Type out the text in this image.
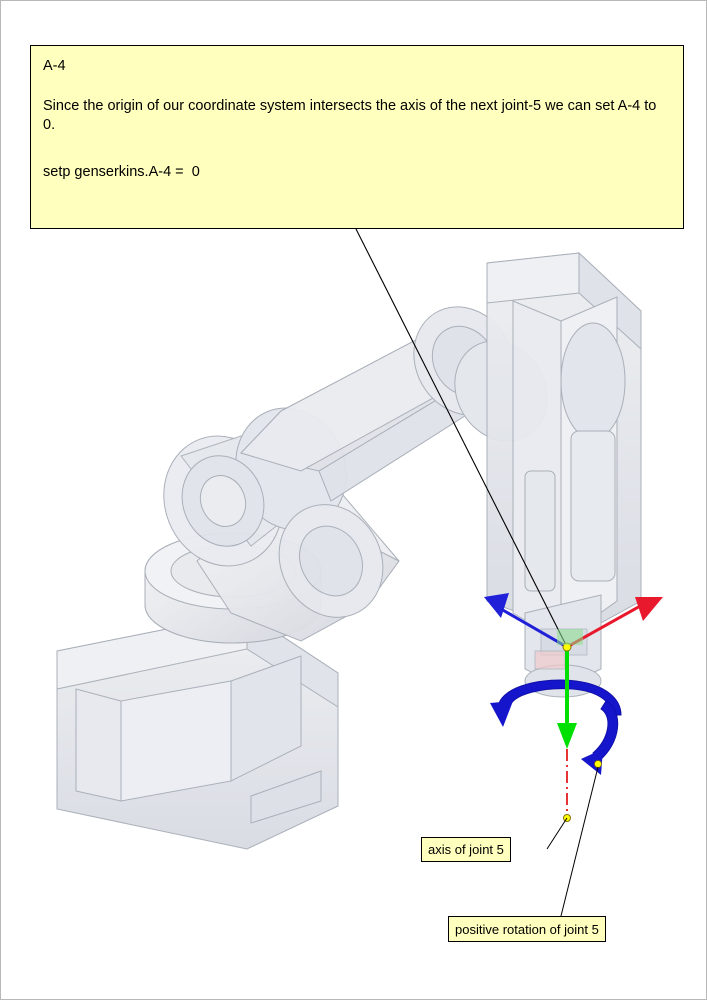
A-4
Since the origin of our coordinate system intersects the axis of the next joint-5 we can set A-4 to 0.
setp genserkins.A-4 =  0
axis of joint 5
positive rotation of joint 5
